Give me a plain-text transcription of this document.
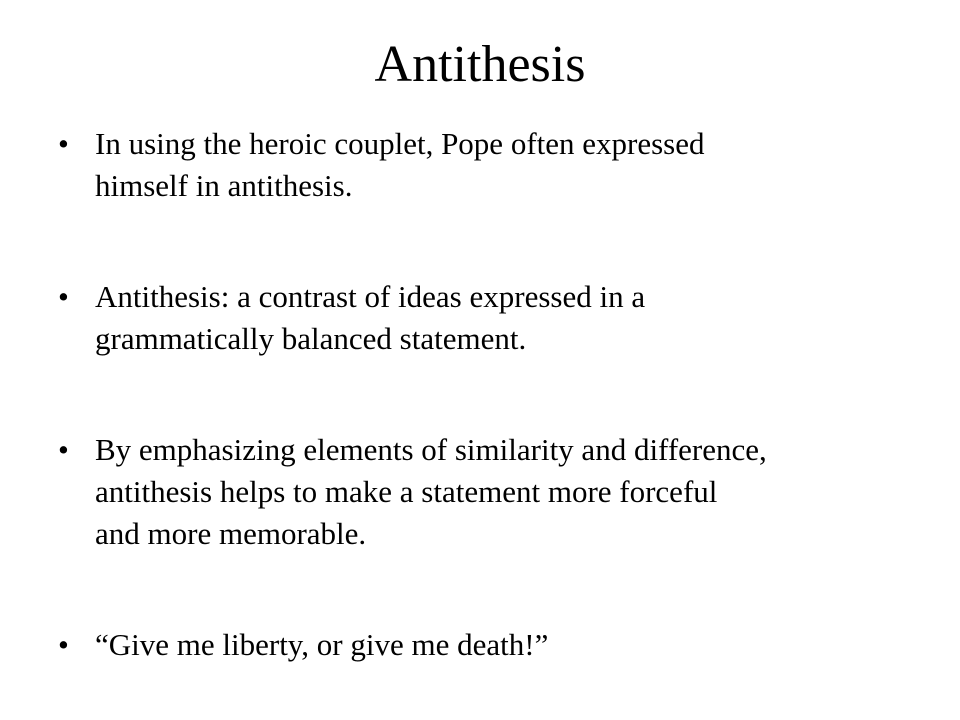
Antithesis
• In using the heroic couplet, Pope often expressed
himself in antithesis.
• Antithesis: a contrast of ideas expressed in a
grammatically balanced statement.
• By emphasizing elements of similarity and difference,
antithesis helps to make a statement more forceful
and more memorable.
• “Give me liberty, or give me death!”
